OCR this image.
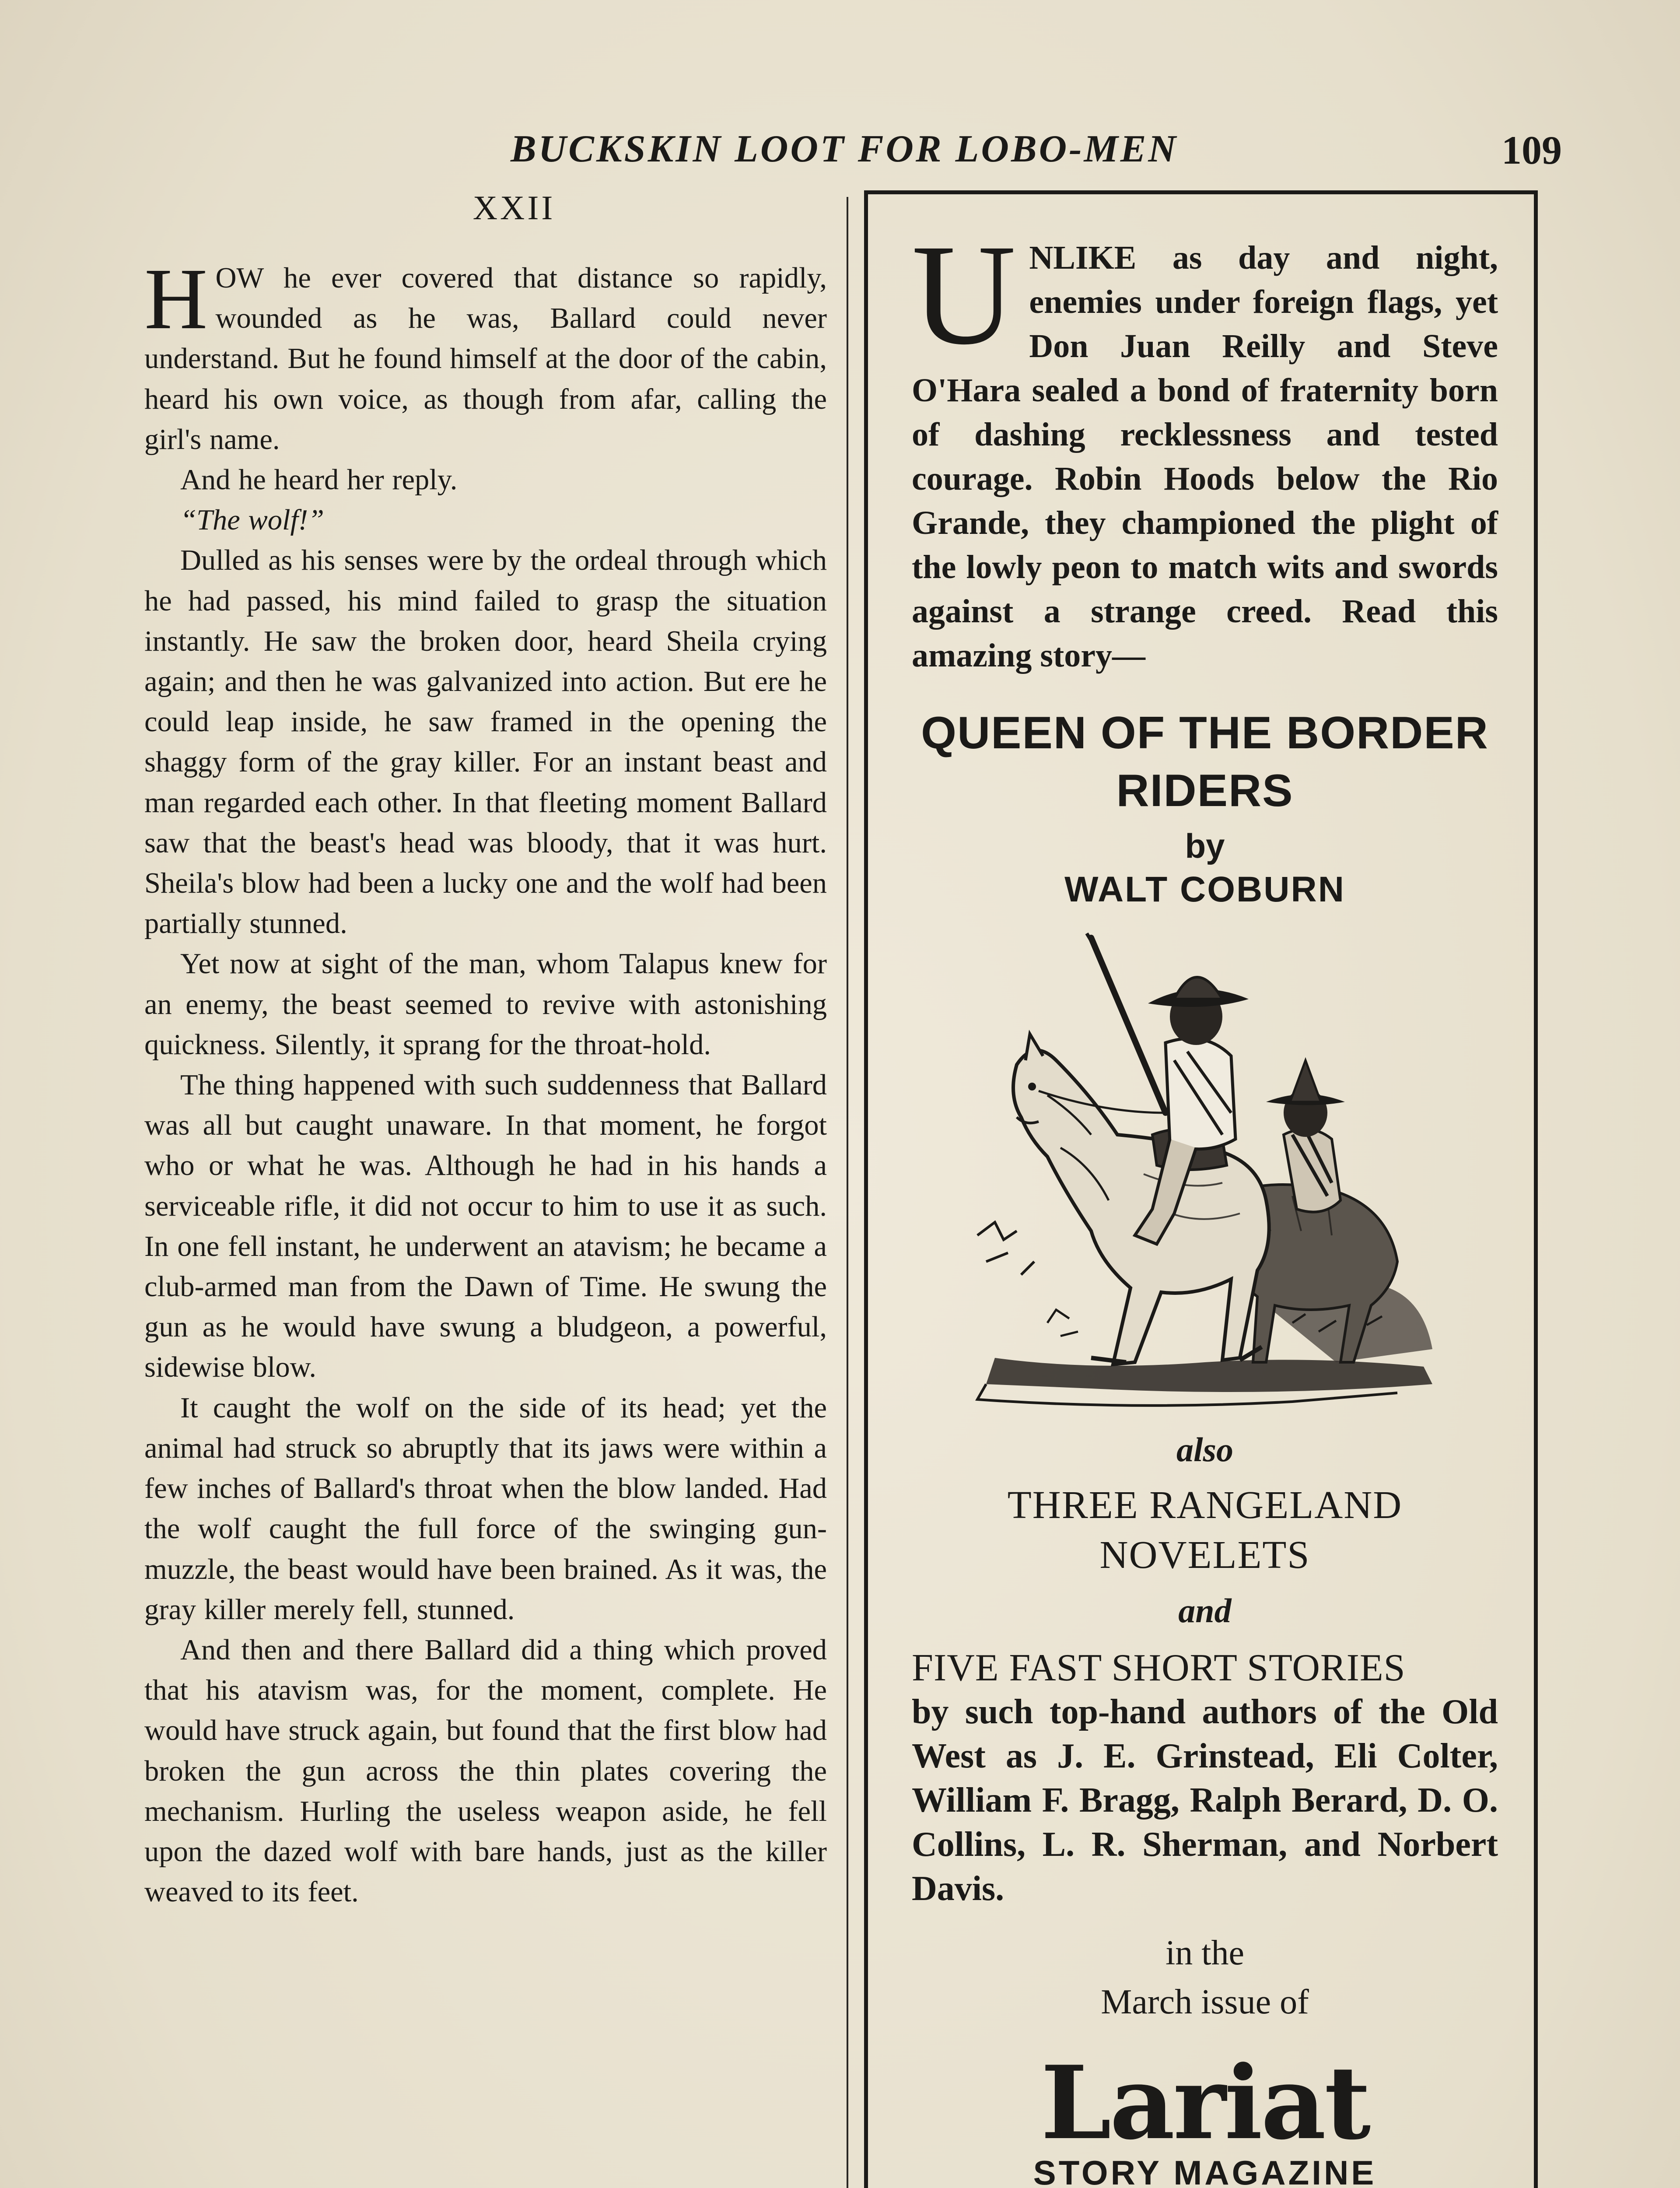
BUCKSKIN LOOT FOR LOBO-MEN	109
XXII

HOW he ever covered that distance so rapidly, wounded as he was, Ballard could never understand. But he found himself at the door of the cabin, heard his own voice, as though from afar, calling the girl's name.

And he heard her reply.

“The wolf!”

Dulled as his senses were by the ordeal through which he had passed, his mind failed to grasp the situation instantly. He saw the broken door, heard Sheila crying again; and then he was galvanized into action. But ere he could leap inside, he saw framed in the opening the shaggy form of the gray killer. For an instant beast and man regarded each other. In that fleeting moment Ballard saw that the beast's head was bloody, that it was hurt. Sheila's blow had been a lucky one and the wolf had been partially stunned.

Yet now at sight of the man, whom Talapus knew for an enemy, the beast seemed to revive with astonishing quickness. Silently, it sprang for the throat-hold.

The thing happened with such suddenness that Ballard was all but caught unaware. In that moment, he forgot who or what he was. Although he had in his hands a serviceable rifle, it did not occur to him to use it as such. In one fell instant, he underwent an atavism; he became a club-armed man from the Dawn of Time. He swung the gun as he would have swung a bludgeon, a powerful, sidewise blow.

It caught the wolf on the side of its head; yet the animal had struck so abruptly that its jaws were within a few inches of Ballard's throat when the blow landed. Had the wolf caught the full force of the swinging gun-muzzle, the beast would have been brained. As it was, the gray killer merely fell, stunned.

And then and there Ballard did a thing which proved that his atavism was, for the moment, complete. He would have struck again, but found that the first blow had broken the gun across the thin plates covering the mechanism. Hurling the useless weapon aside, he fell upon the dazed wolf with bare hands, just as the killer weaved to its feet.

UNLIKE as day and night, enemies under foreign flags, yet Don Juan Reilly and Steve O'Hara sealed a bond of fraternity born of dashing recklessness and tested courage. Robin Hoods below the Rio Grande, they championed the plight of the lowly peon to match wits and swords against a strange creed. Read this amazing story—

QUEEN OF THE BORDER
RIDERS
by
WALT COBURN
also
THREE RANGELAND
NOVELETS
and
FIVE FAST SHORT STORIES
by such top-hand authors of the Old West as J. E. Grinstead, Eli Colter, William F. Bragg, Ralph Berard, D. O. Collins, L. R. Sherman, and Norbert Davis.
in the
March issue of
Lariat
STORY MAGAZINE
